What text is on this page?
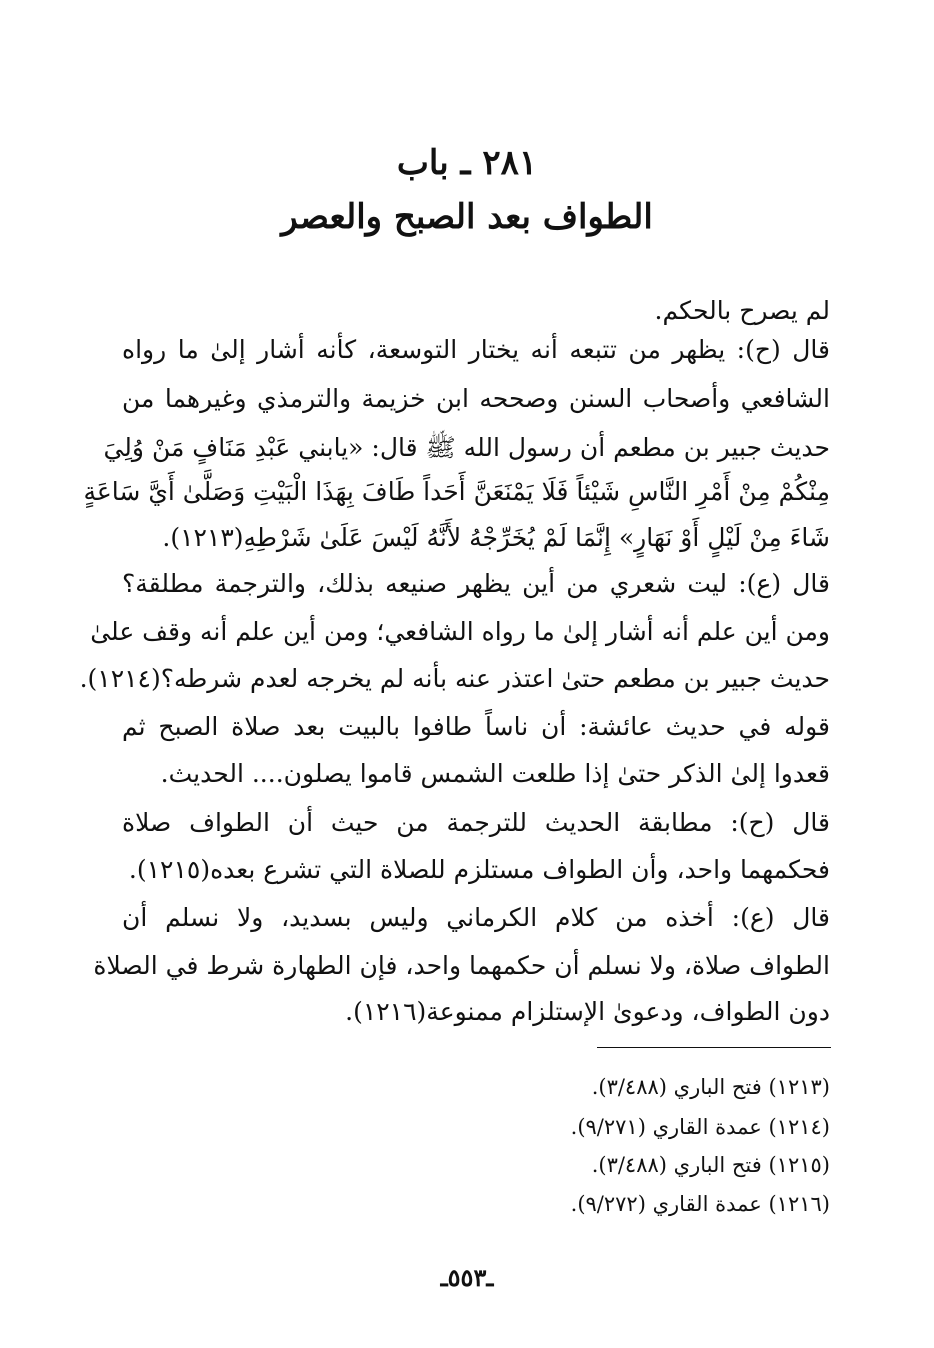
٢٨١ ـ باب
الطواف بعد الصبح والعصر
لم يصرح بالحكم.
قال (ح): يظهر من تتبعه أنه يختار التوسعة، كأنه أشار إلىٰ ما رواه
الشافعي وأصحاب السنن وصححه ابن خزيمة والترمذي وغيرهما من
حديث جبير بن مطعم أن رسول الله ﷺ قال: «يابني عَبْدِ مَنَافٍ مَنْ وُلِيَ
مِنْكُمْ مِنْ أَمْرِ النَّاسِ شَيْئاً فَلَا يَمْنَعَنَّ أَحَداً طَافَ بِهَذَا الْبَيْتِ وَصَلَّىٰ أَيَّ سَاعَةٍ
شَاءَ مِنْ لَيْلٍ أَوْ نَهَارٍ» إِنَّمَا لَمْ يُخَرِّجْهُ لأَنَّهُ لَيْسَ عَلَىٰ شَرْطِهِ(١٢١٣).
قال (ع): ليت شعري من أين يظهر صنيعه بذلك، والترجمة مطلقة؟
ومن أين علم أنه أشار إلىٰ ما رواه الشافعي؛ ومن أين علم أنه وقف علىٰ
حديث جبير بن مطعم حتىٰ اعتذر عنه بأنه لم يخرجه لعدم شرطه؟(١٢١٤).
قوله في حديث عائشة: أن ناساً طافوا بالبيت بعد صلاة الصبح ثم
قعدوا إلىٰ الذكر حتىٰ إذا طلعت الشمس قاموا يصلون.... الحديث.
قال (ح): مطابقة الحديث للترجمة من حيث أن الطواف صلاة
فحكمهما واحد، وأن الطواف مستلزم للصلاة التي تشرع بعده(١٢١٥).
قال (ع): أخذه من كلام الكرماني وليس بسديد، ولا نسلم أن
الطواف صلاة، ولا نسلم أن حكمهما واحد، فإن الطهارة شرط في الصلاة
دون الطواف، ودعوىٰ الإستلزام ممنوعة(١٢١٦).
(١٢١٣) فتح الباري (٣/٤٨٨).
(١٢١٤) عمدة القاري (٩/٢٧١).
(١٢١٥) فتح الباري (٣/٤٨٨).
(١٢١٦) عمدة القاري (٩/٢٧٢).
ـ٥٥٣ـ
